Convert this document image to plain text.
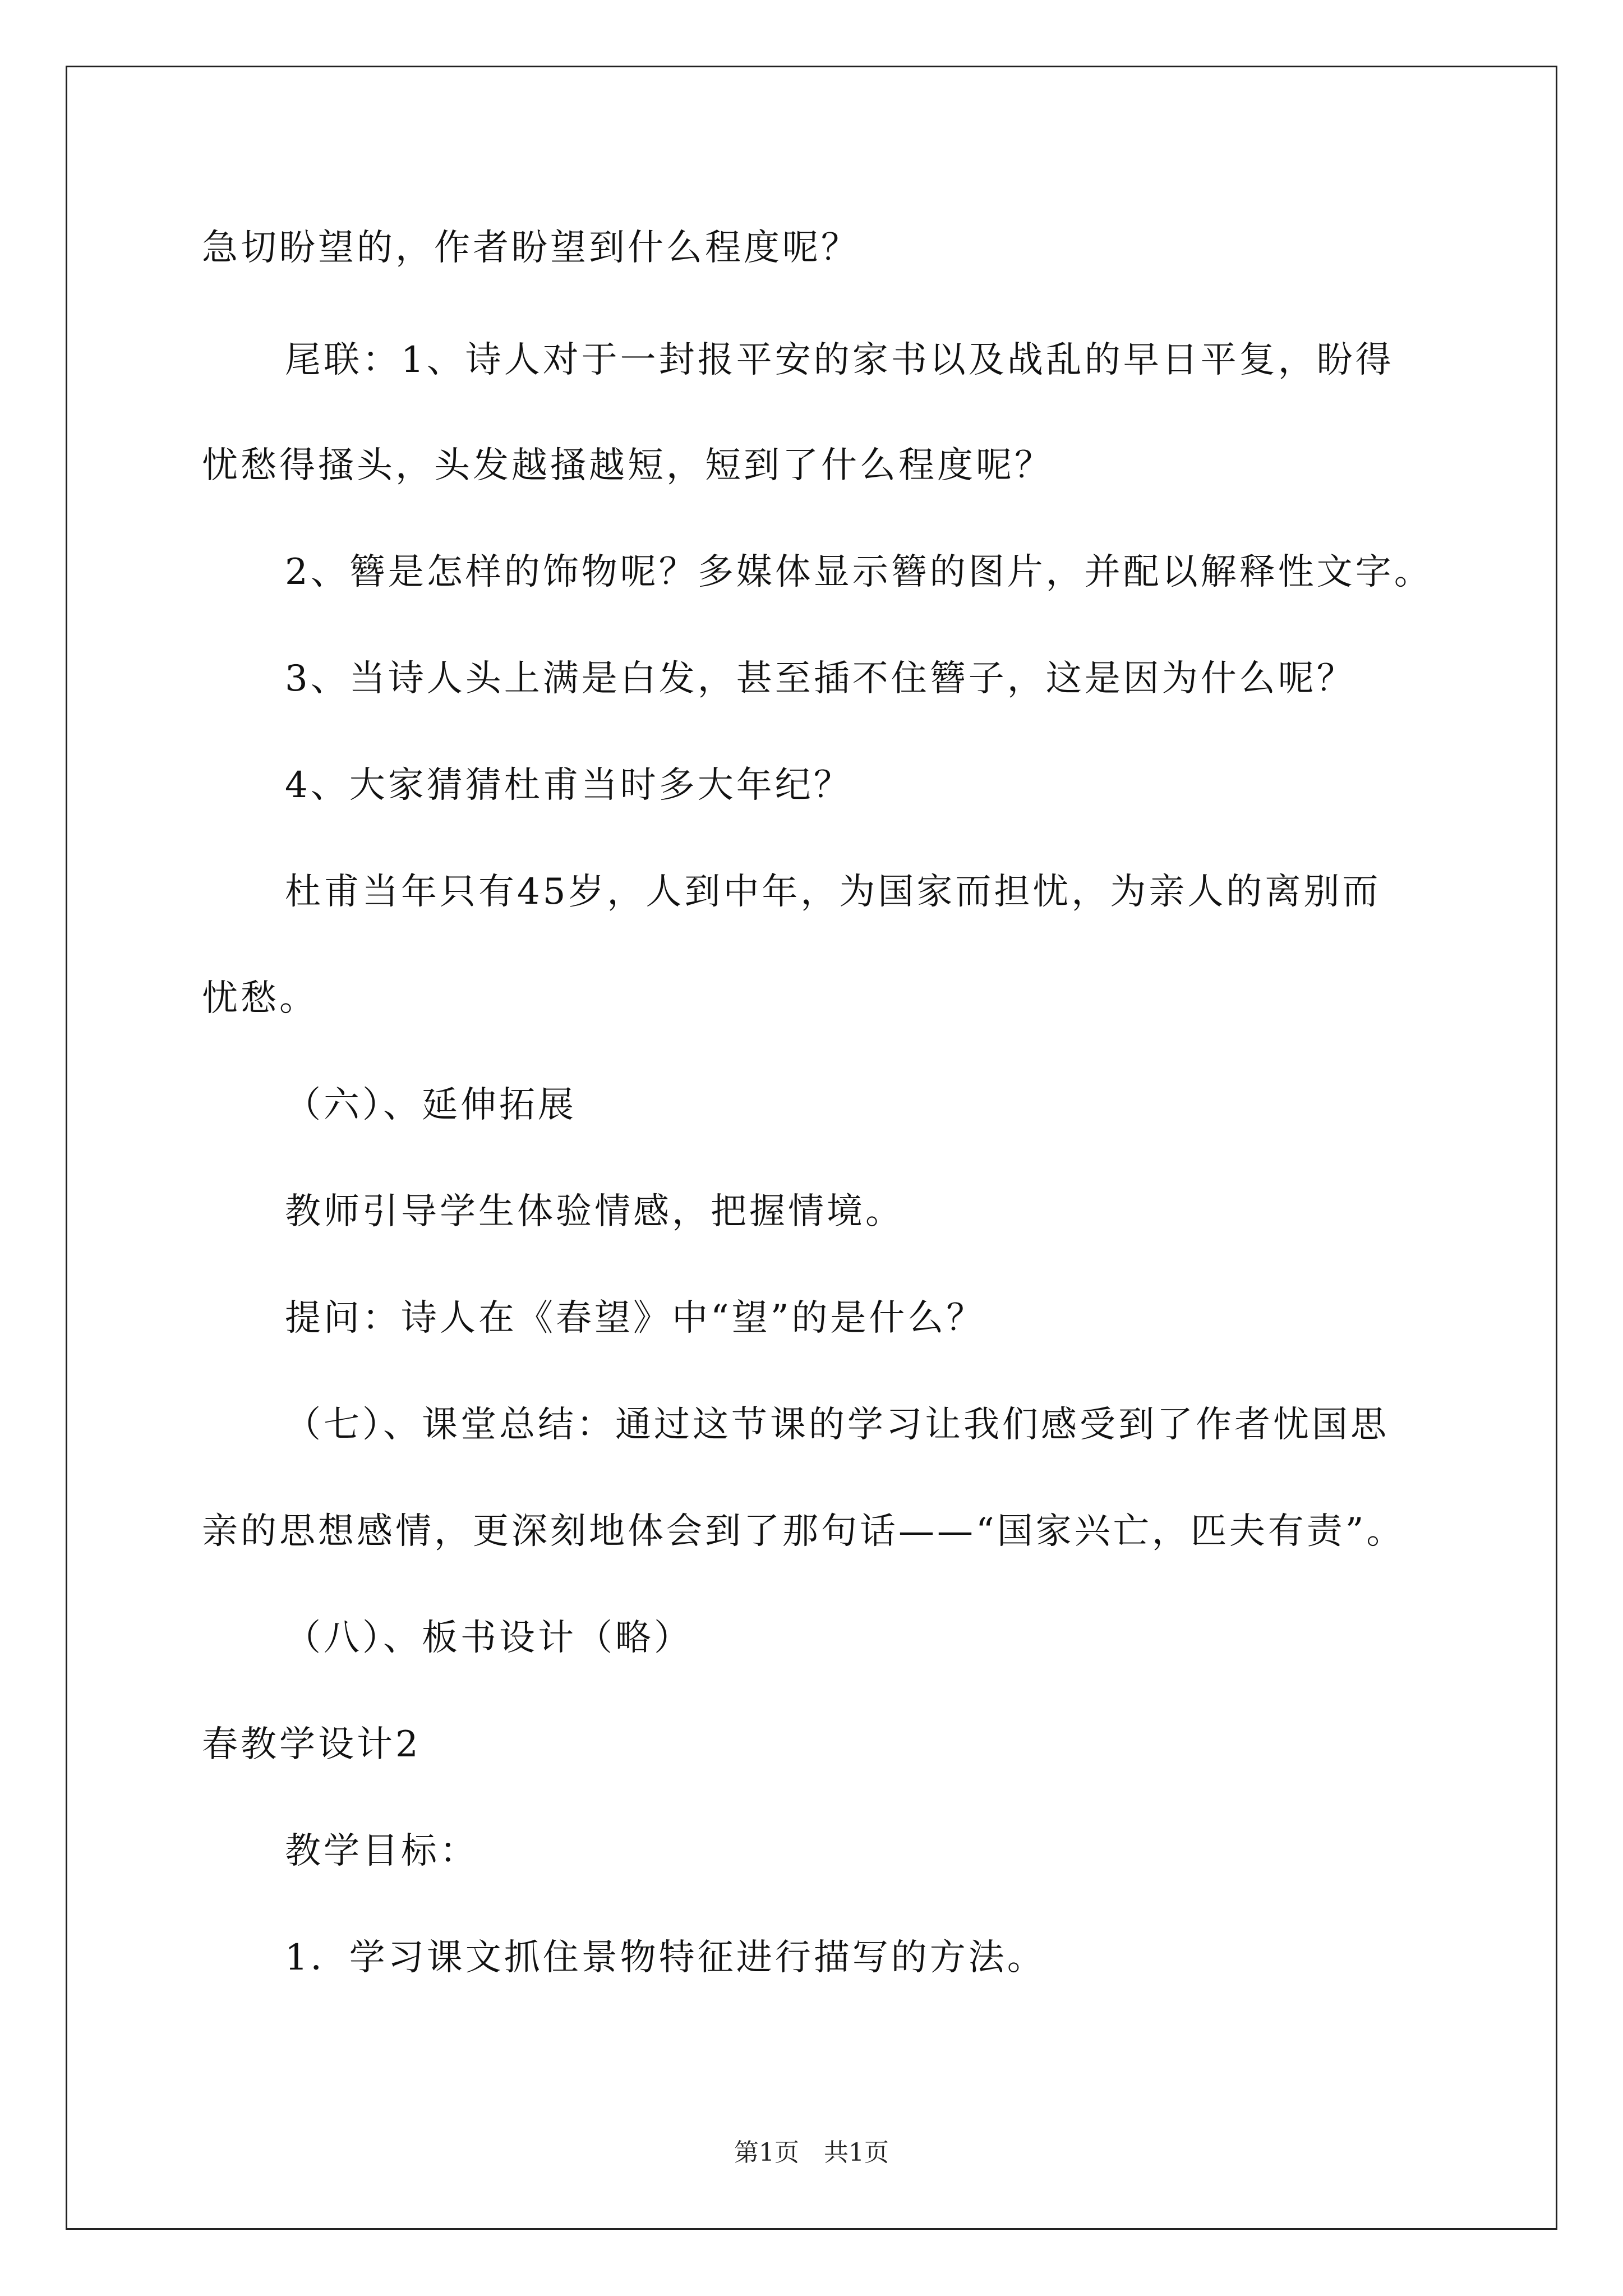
急切盼望的，作者盼望到什么程度呢？
尾联：1、诗人对于一封报平安的家书以及战乱的早日平复，盼得
忧愁得搔头，头发越搔越短，短到了什么程度呢？
2、簪是怎样的饰物呢？多媒体显示簪的图片，并配以解释性文字。
3、当诗人头上满是白发，甚至插不住簪子，这是因为什么呢？
4、大家猜猜杜甫当时多大年纪？
杜甫当年只有45岁，人到中年，为国家而担忧，为亲人的离别而
忧愁。
（六）、延伸拓展
教师引导学生体验情感，把握情境。
提问：诗人在《春望》中“望”的是什么？
（七）、课堂总结：通过这节课的学习让我们感受到了作者忧国思
亲的思想感情，更深刻地体会到了那句话——“国家兴亡，匹夫有责”。
（八）、板书设计（略）
春教学设计2
教学目标：
1．学习课文抓住景物特征进行描写的方法。
第1页　共1页
